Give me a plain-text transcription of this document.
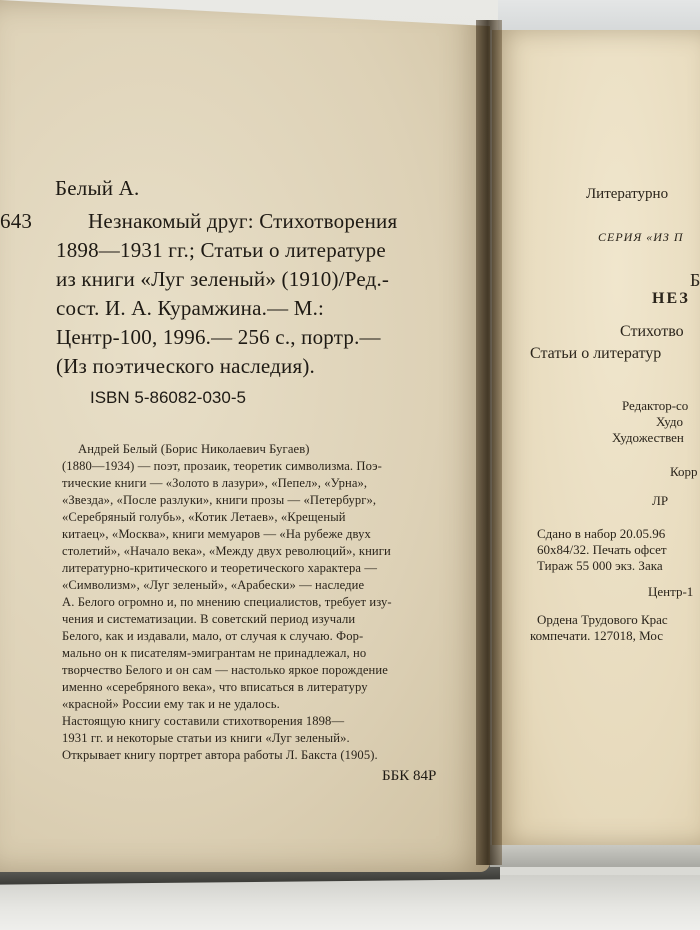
643
Белый А.
Незнакомый друг: Стихотворения
1898—1931 гг.; Статьи о литературе
из книги «Луг зеленый» (1910)/Ред.-
сост. И. А. Курамжина.— М.:
Центр-100, 1996.— 256 с., портр.—
(Из поэтического наследия).
ISBN 5-86082-030-5
Андрей Белый (Борис Николаевич Бугаев)
(1880—1934) — поэт, прозаик, теоретик символизма. Поэ-
тические книги — «Золото в лазури», «Пепел», «Урна»,
«Звезда», «После разлуки», книги прозы — «Петербург»,
«Серебряный голубь», «Котик Летаев», «Крещеный
китаец», «Москва», книги мемуаров — «На рубеже двух
столетий», «Начало века», «Между двух революций», книги
литературно-критического и теоретического характера —
«Символизм», «Луг зеленый», «Арабески» — наследие
А. Белого огромно и, по мнению специалистов, требует изу-
чения и систематизации. В советский период изучали
Белого, как и издавали, мало, от случая к случаю. Фор-
мально он к писателям-эмигрантам не принадлежал, но
творчество Белого и он сам — настолько яркое порождение
именно «серебряного века», что вписаться в литературу
«красной» России ему так и не удалось.
Настоящую книгу составили стихотворения 1898—
1931 гг. и некоторые статьи из книги «Луг зеленый».
Открывает книгу портрет автора работы Л. Бакста (1905).
ББК 84Р
Литературно
СЕРИЯ «ИЗ П
Б
НЕЗ
Стихотво
Статьи о литератур
Редактор-со
Худо
Художествен
Корр
ЛР
Сдано в набор 20.05.96
60x84/32. Печать офсет
Тираж 55 000 экз. Зака
Центр-1
Ордена Трудового Крас
компечати. 127018, Мос
